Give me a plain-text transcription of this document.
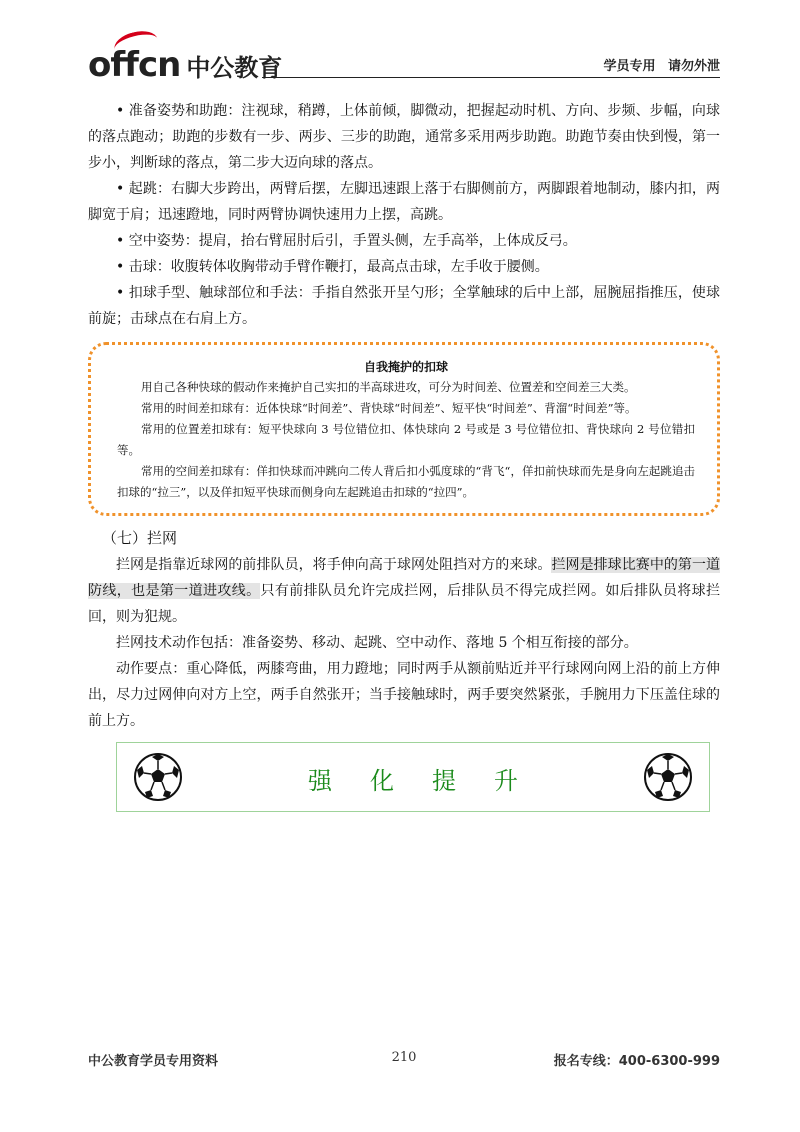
offcn 中公教育	学员专用 请勿外泄

• 准备姿势和助跑：注视球，稍蹲，上体前倾，脚微动，把握起动时机、方向、步频、步幅，向球的落点跑动；助跑的步数有一步、两步、三步的助跑，通常多采用两步助跑。助跑节奏由快到慢，第一步小，判断球的落点，第二步大迈向球的落点。

• 起跳：右脚大步跨出，两臂后摆，左脚迅速跟上落于右脚侧前方，两脚跟着地制动，膝内扣，两脚宽于肩；迅速蹬地，同时两臂协调快速用力上摆，高跳。

• 空中姿势：提肩，抬右臂屈肘后引，手置头侧，左手高举，上体成反弓。

• 击球：收腹转体收胸带动手臂作鞭打，最高点击球，左手收于腰侧。

• 扣球手型、触球部位和手法：手指自然张开呈勺形；全掌触球的后中上部，屈腕屈指推压，使球前旋；击球点在右肩上方。

自我掩护的扣球

用自己各种快球的假动作来掩护自己实扣的半高球进攻，可分为时间差、位置差和空间差三大类。

常用的时间差扣球有：近体快球“时间差”、背快球“时间差”、短平快“时间差”、背溜“时间差”等。

常用的位置差扣球有：短平快球向 3 号位错位扣、体快球向 2 号或是 3 号位错位扣、背快球向 2 号位错扣等。

常用的空间差扣球有：佯扣快球而冲跳向二传人背后扣小弧度球的“背飞“，佯扣前快球而先是身向左起跳追击扣球的“拉三”，以及佯扣短平快球而侧身向左起跳追击扣球的“拉四”。

（七）拦网

拦网是指靠近球网的前排队员，将手伸向高于球网处阻挡对方的来球。拦网是排球比赛中的第一道防线，也是第一道进攻线。只有前排队员允许完成拦网，后排队员不得完成拦网。如后排队员将球拦回，则为犯规。

拦网技术动作包括：准备姿势、移动、起跳、空中动作、落地 5 个相互衔接的部分。

动作要点：重心降低，两膝弯曲，用力蹬地；同时两手从额前贴近并平行球网向网上沿的前上方伸出，尽力过网伸向对方上空，两手自然张开；当手接触球时，两手要突然紧张，手腕用力下压盖住球的前上方。

强化提升
中公教育学员专用资料	210	报名专线：400-6300-999
